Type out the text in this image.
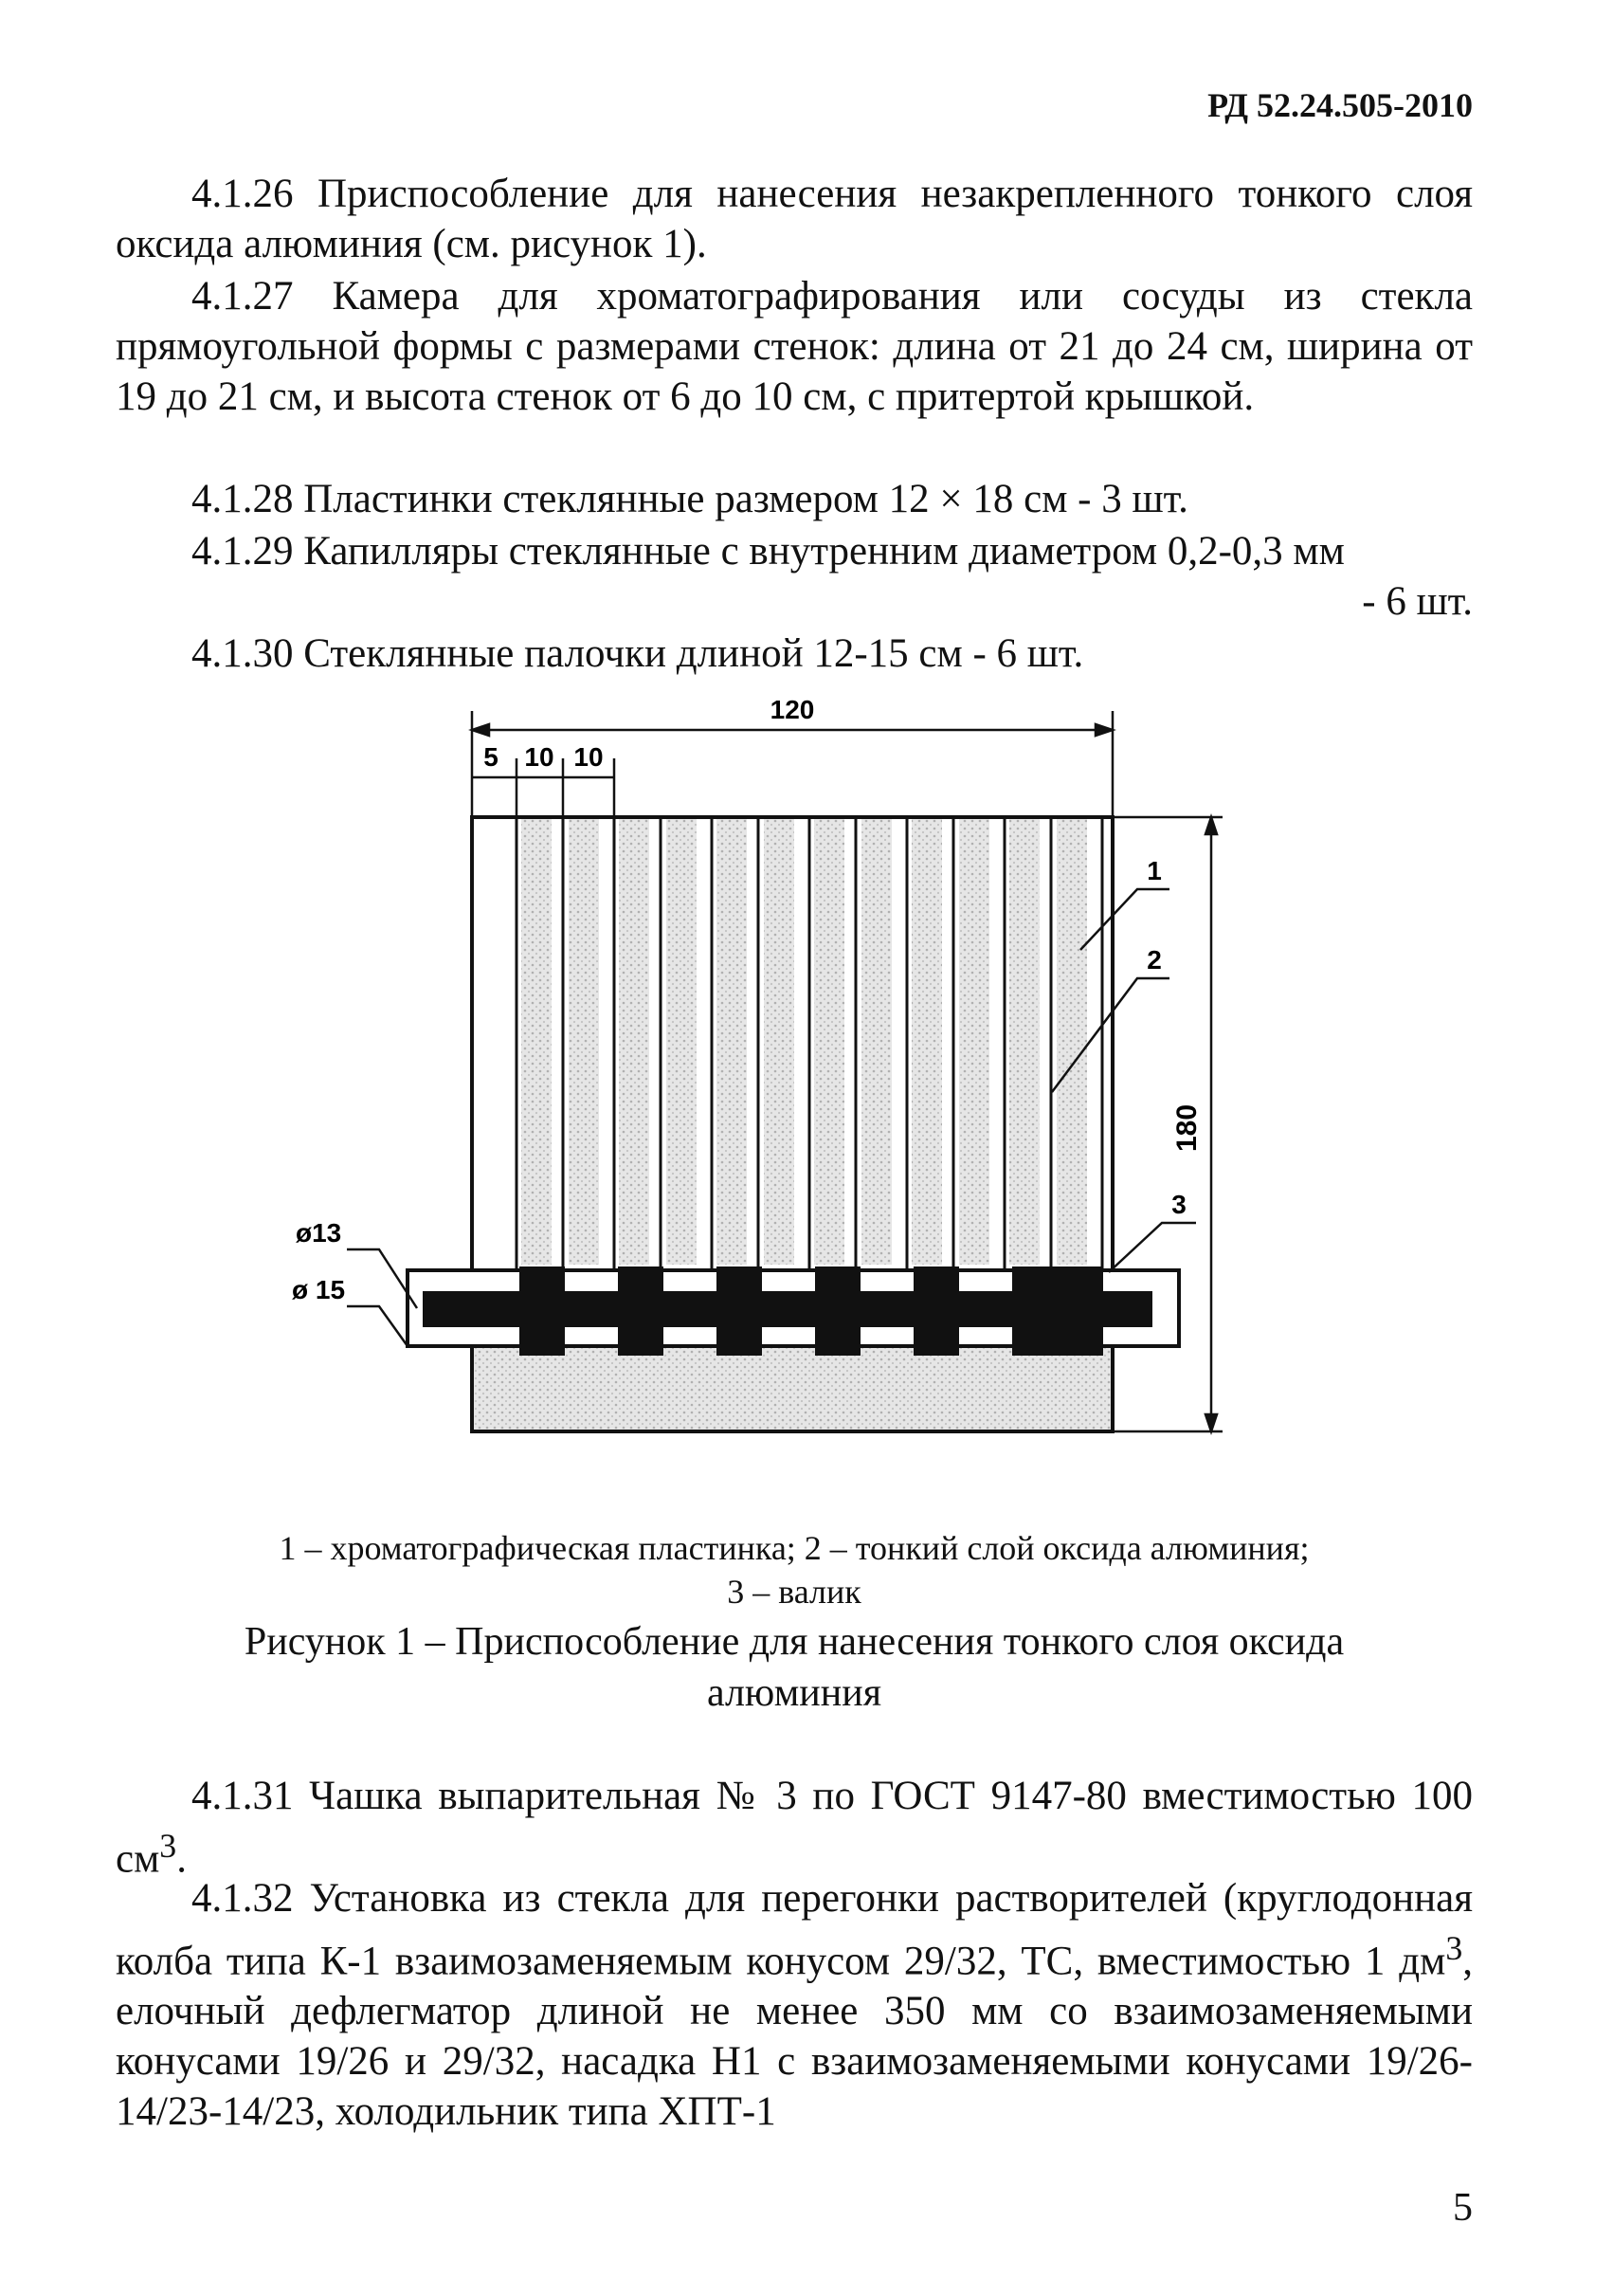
РД 52.24.505-2010

4.1.26 Приспособление для нанесения незакрепленного тонкого слоя оксида алюминия (см. рисунок 1).

4.1.27 Камера для хроматографирования или сосуды из стекла прямоугольной формы с размерами стенок: длина от 21 до 24 см, ширина от 19 до 21 см, и высота стенок от 6 до 10 см, с притертой крышкой.

4.1.28 Пластинки стеклянные размером 12 × 18 см - 3 шт.

4.1.29 Капилляры стеклянные с внутренним диаметром 0,2-0,3 мм
- 6 шт.

4.1.30 Стеклянные палочки длиной 12-15 см - 6 шт.

120
5 10 10
180
1
2
3
ø13
ø 15
1 – хроматографическая пластинка; 2 – тонкий слой оксида алюминия;
3 – валик
Рисунок 1 – Приспособление для нанесения тонкого слоя оксида
алюминия

4.1.31 Чашка выпарительная № 3 по ГОСТ 9147-80 вместимостью 100 $см^3$.

4.1.32 Установка из стекла для перегонки растворителей (круглодонная колба типа К-1 взаимозаменяемым конусом 29/32, ТС, вместимостью 1 $дм^3$, елочный дефлегматор длиной не менее 350 мм со взаимозаменяемыми конусами 19/26 и 29/32, насадка Н1 с взаимозаменяемыми конусами 19/26-14/23-14/23, холодильник типа ХПТ-1

5
